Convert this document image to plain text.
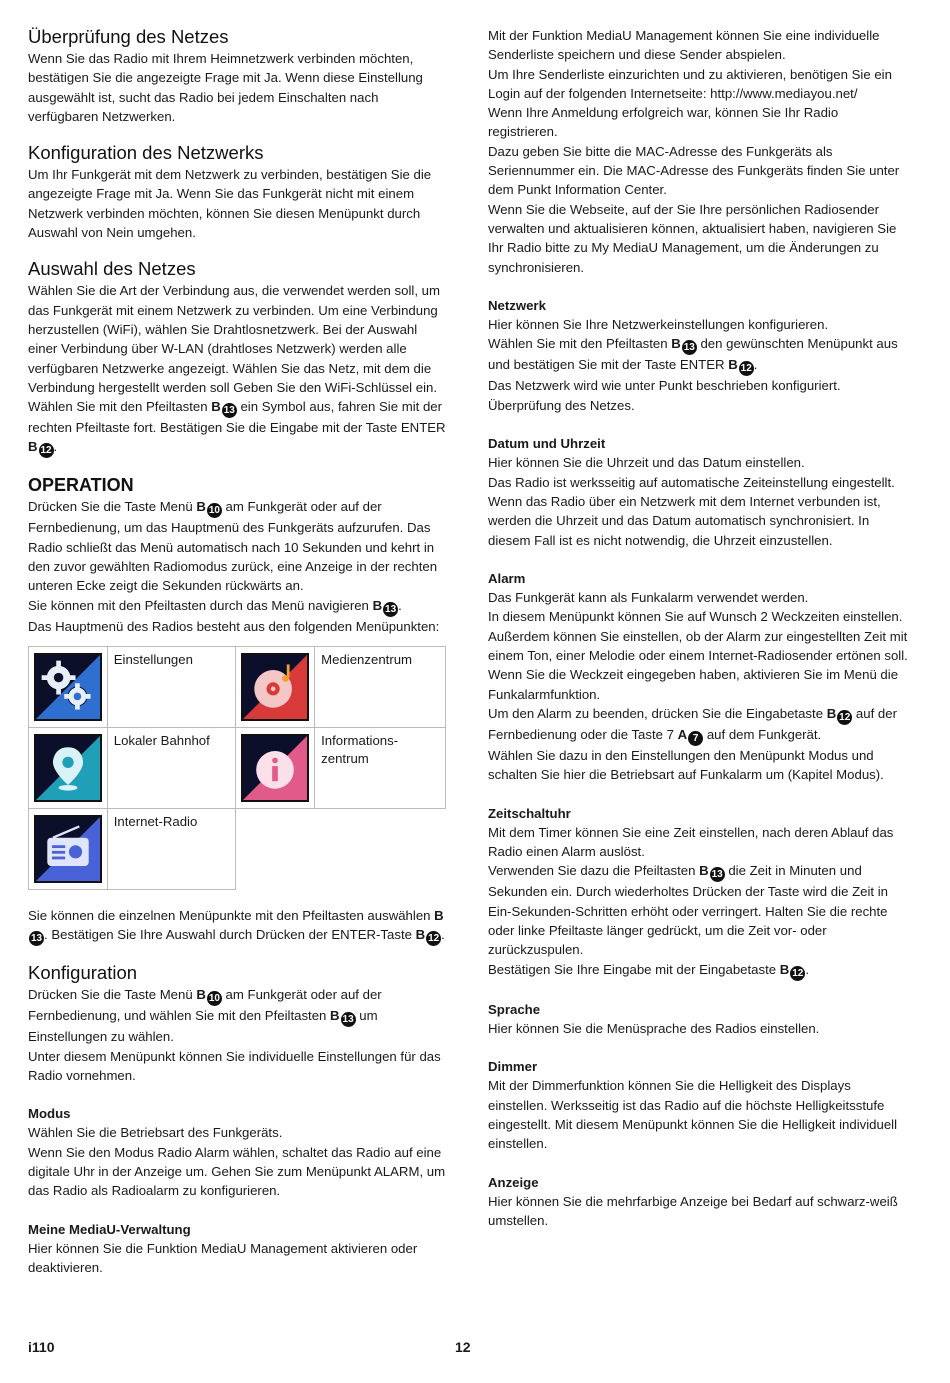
Überprüfung des Netzes

Wenn Sie das Radio mit Ihrem Heimnetzwerk verbinden möchten, bestätigen Sie die angezeigte Frage mit Ja. Wenn diese Einstellung ausgewählt ist, sucht das Radio bei jedem Einschalten nach verfügbaren Netzwerken.

Konfiguration des Netzwerks

Um Ihr Funkgerät mit dem Netzwerk zu verbinden, bestätigen Sie die angezeigte Frage mit Ja. Wenn Sie das Funkgerät nicht mit einem Netzwerk verbinden möchten, können Sie diesen Menüpunkt durch Auswahl von Nein umgehen.

Auswahl des Netzes

Wählen Sie die Art der Verbindung aus, die verwendet werden soll, um das Funkgerät mit einem Netzwerk zu verbinden. Um eine Verbindung herzustellen (WiFi), wählen Sie Drahtlosnetzwerk. Bei der Auswahl einer Verbindung über W-LAN (drahtloses Netzwerk) werden alle verfügbaren Netzwerke angezeigt. Wählen Sie das Netz, mit dem die Verbindung hergestellt werden soll Geben Sie den WiFi-Schlüssel ein. Wählen Sie mit den Pfeiltasten B 13 ein Symbol aus, fahren Sie mit der rechten Pfeiltaste fort. Bestätigen Sie die Eingabe mit der Taste ENTER B 12 .

OPERATION

Drücken Sie die Taste Menü B 10 am Funkgerät oder auf der Fernbedienung, um das Hauptmenü des Funkgeräts aufzurufen. Das Radio schließt das Menü automatisch nach 10 Sekunden und kehrt in den zuvor gewählten Radiomodus zurück, eine Anzeige in der rechten unteren Ecke zeigt die Sekunden rückwärts an.

Sie können mit den Pfeiltasten durch das Menü navigieren B 13 .

Das Hauptmenü des Radios besteht aus den folgenden Menüpunkten:

	Einstellungen		Medienzentrum

	Lokaler Bahnhof		Informations-zentrum

	Internet-Radio		

Sie können die einzelnen Menüpunkte mit den Pfeiltasten auswählen B13 . Bestätigen Sie Ihre Auswahl durch Drücken der ENTER-Taste B 12 .

Konfiguration

Drücken Sie die Taste Menü B 10 am Funkgerät oder auf der Fernbedienung, und wählen Sie mit den Pfeiltasten B 13 um Einstellungen zu wählen.

Unter diesem Menüpunkt können Sie individuelle Einstellungen für das Radio vornehmen.

Modus

Wählen Sie die Betriebsart des Funkgeräts.

Wenn Sie den Modus Radio Alarm wählen, schaltet das Radio auf eine digitale Uhr in der Anzeige um. Gehen Sie zum Menüpunkt ALARM, um das Radio als Radioalarm zu konfigurieren.

Meine MediaU-Verwaltung

Hier können Sie die Funktion MediaU Management aktivieren oder deaktivieren.

Mit der Funktion MediaU Management können Sie eine individuelle Senderliste speichern und diese Sender abspielen.

Um Ihre Senderliste einzurichten und zu aktivieren, benötigen Sie ein Login auf der folgenden Internetseite: http://www.mediayou.net/

Wenn Ihre Anmeldung erfolgreich war, können Sie Ihr Radio registrieren.

Dazu geben Sie bitte die MAC-Adresse des Funkgeräts als Seriennummer ein. Die MAC-Adresse des Funkgeräts finden Sie unter dem Punkt Information Center.

Wenn Sie die Webseite, auf der Sie Ihre persönlichen Radiosender verwalten und aktualisieren können, aktualisiert haben, navigieren Sie Ihr Radio bitte zu My MediaU Management, um die Änderungen zu synchronisieren.

Netzwerk

Hier können Sie Ihre Netzwerkeinstellungen konfigurieren.

Wählen Sie mit den Pfeiltasten B 13 den gewünschten Menüpunkt aus und bestätigen Sie mit der Taste ENTER B 12 .

Das Netzwerk wird wie unter Punkt beschrieben konfiguriert. Überprüfung des Netzes.

Datum und Uhrzeit

Hier können Sie die Uhrzeit und das Datum einstellen.

Das Radio ist werksseitig auf automatische Zeiteinstellung eingestellt. Wenn das Radio über ein Netzwerk mit dem Internet verbunden ist, werden die Uhrzeit und das Datum automatisch synchronisiert. In diesem Fall ist es nicht notwendig, die Uhrzeit einzustellen.

Alarm

Das Funkgerät kann als Funkalarm verwendet werden.

In diesem Menüpunkt können Sie auf Wunsch 2 Weckzeiten einstellen. Außerdem können Sie einstellen, ob der Alarm zur eingestellten Zeit mit einem Ton, einer Melodie oder einem Internet-Radiosender ertönen soll.

Wenn Sie die Weckzeit eingegeben haben, aktivieren Sie im Menü die Funkalarmfunktion.

Um den Alarm zu beenden, drücken Sie die Eingabetaste B 12 auf der Fernbedienung oder die Taste 7 A 7 auf dem Funkgerät.

Wählen Sie dazu in den Einstellungen den Menüpunkt Modus und schalten Sie hier die Betriebsart auf Funkalarm um (Kapitel Modus).

Zeitschaltuhr

Mit dem Timer können Sie eine Zeit einstellen, nach deren Ablauf das Radio einen Alarm auslöst.

Verwenden Sie dazu die Pfeiltasten B 13 die Zeit in Minuten und Sekunden ein. Durch wiederholtes Drücken der Taste wird die Zeit in Ein-Sekunden-Schritten erhöht oder verringert. Halten Sie die rechte oder linke Pfeiltaste länger gedrückt, um die Zeit vor- oder zurückzuspulen.

Bestätigen Sie Ihre Eingabe mit der Eingabetaste B 12 .

Sprache

Hier können Sie die Menüsprache des Radios einstellen.

Dimmer

Mit der Dimmerfunktion können Sie die Helligkeit des Displays einstellen. Werksseitig ist das Radio auf die höchste Helligkeitsstufe eingestellt. Mit diesem Menüpunkt können Sie die Helligkeit individuell einstellen.

Anzeige

Hier können Sie die mehrfarbige Anzeige bei Bedarf auf schwarz-weiß umstellen.

i110	12
